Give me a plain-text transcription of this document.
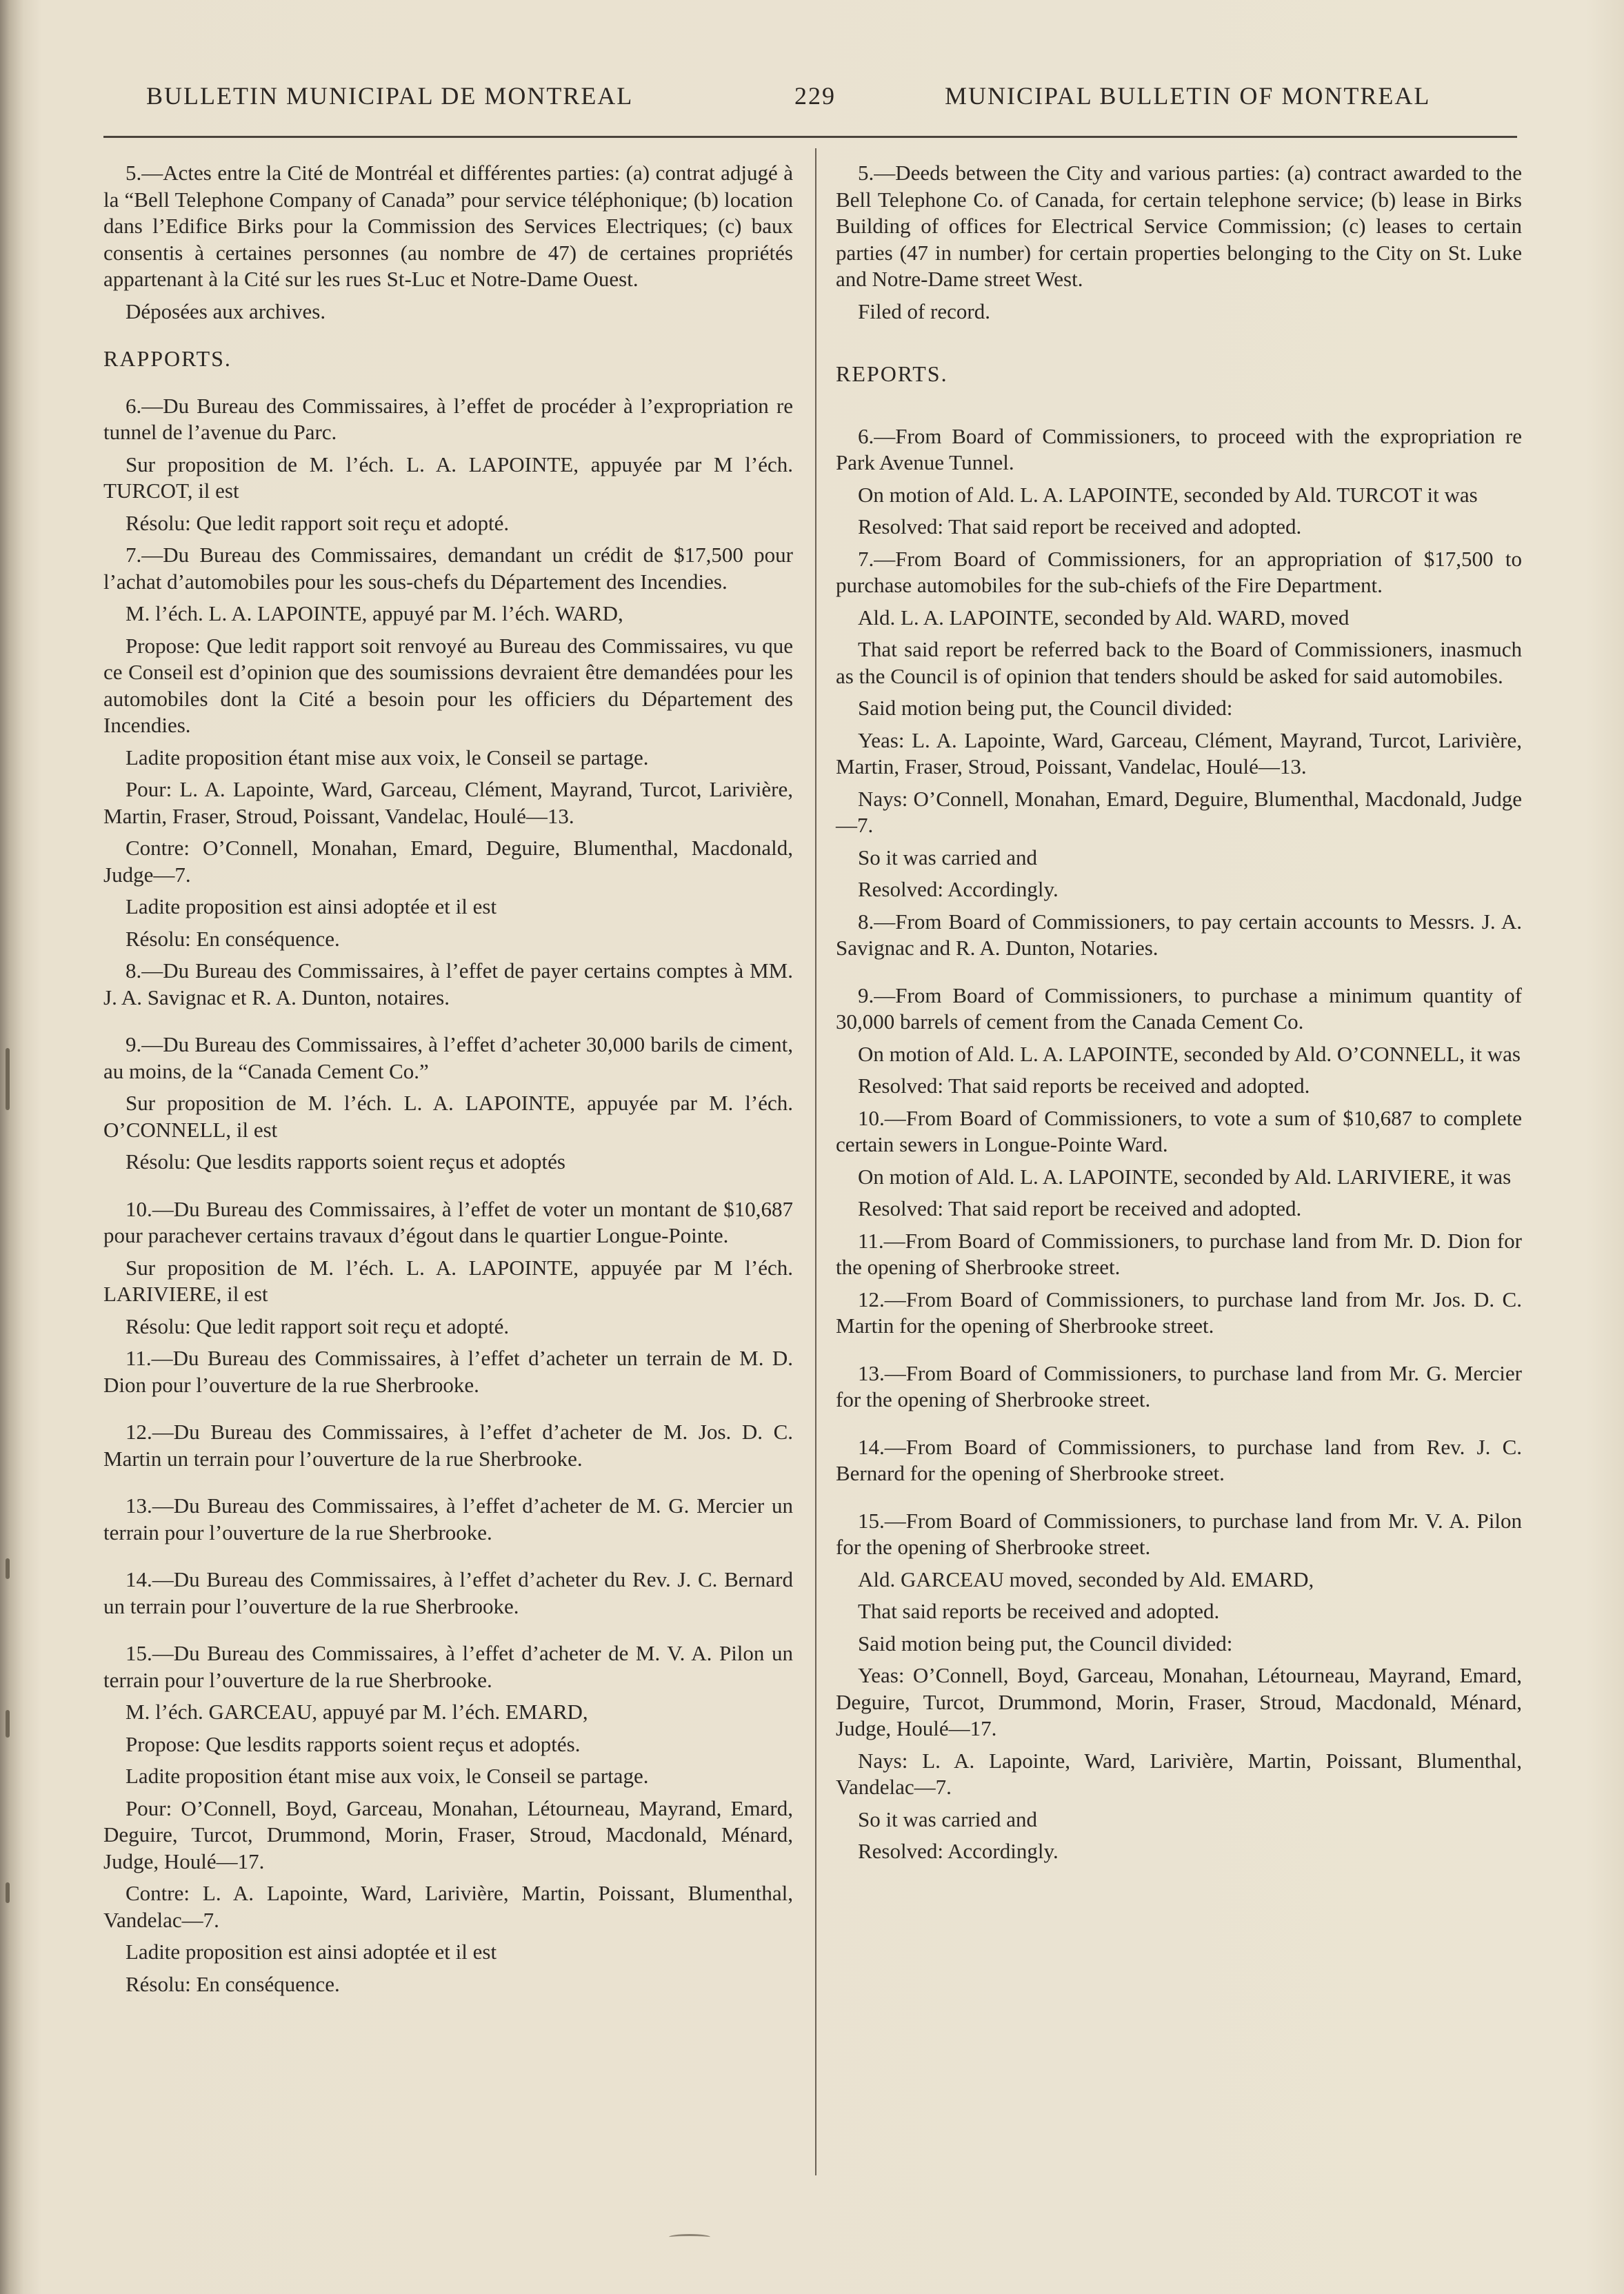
BULLETIN MUNICIPAL DE MONTREAL	229	MUNICIPAL BULLETIN OF MONTREAL

5.—Actes entre la Cité de Montréal et différentes parties: (a) contrat adjugé à la “Bell Telephone Company of Canada” pour service téléphonique; (b) location dans l’Edifice Birks pour la Commission des Services Electriques; (c) baux consentis à certaines personnes (au nombre de 47) de certaines propriétés appartenant à la Cité sur les rues St-Luc et Notre-Dame Ouest.

Déposées aux archives.

RAPPORTS.

6.—Du Bureau des Commissaires, à l’effet de procéder à l’expropriation re tunnel de l’avenue du Parc.

Sur proposition de M. l’éch. L. A. LAPOINTE, appuyée par M l’éch. TURCOT, il est

Résolu: Que ledit rapport soit reçu et adopté.

7.—Du Bureau des Commissaires, demandant un crédit de $17,500 pour l’achat d’automobiles pour les sous-chefs du Département des Incendies.

M. l’éch. L. A. LAPOINTE, appuyé par M. l’éch. WARD,

Propose: Que ledit rapport soit renvoyé au Bureau des Commissaires, vu que ce Conseil est d’opinion que des soumissions devraient être demandées pour les automobiles dont la Cité a besoin pour les officiers du Département des Incendies.

Ladite proposition étant mise aux voix, le Conseil se partage.

Pour: L. A. Lapointe, Ward, Garceau, Clément, Mayrand, Turcot, Larivière, Martin, Fraser, Stroud, Poissant, Vandelac, Houlé—13.

Contre: O’Connell, Monahan, Emard, Deguire, Blumenthal, Macdonald, Judge—7.

Ladite proposition est ainsi adoptée et il est

Résolu: En conséquence.

8.—Du Bureau des Commissaires, à l’effet de payer certains comptes à MM. J. A. Savignac et R. A. Dunton, notaires.

9.—Du Bureau des Commissaires, à l’effet d’acheter 30,000 barils de ciment, au moins, de la “Canada Cement Co.”

Sur proposition de M. l’éch. L. A. LAPOINTE, appuyée par M. l’éch. O’CONNELL, il est

Résolu: Que lesdits rapports soient reçus et adoptés

10.—Du Bureau des Commissaires, à l’effet de voter un montant de $10,687 pour parachever certains travaux d’égout dans le quartier Longue-Pointe.

Sur proposition de M. l’éch. L. A. LAPOINTE, appuyée par M l’éch. LARIVIERE, il est

Résolu: Que ledit rapport soit reçu et adopté.

11.—Du Bureau des Commissaires, à l’effet d’acheter un terrain de M. D. Dion pour l’ouverture de la rue Sherbrooke.

12.—Du Bureau des Commissaires, à l’effet d’acheter de M. Jos. D. C. Martin un terrain pour l’ouverture de la rue Sherbrooke.

13.—Du Bureau des Commissaires, à l’effet d’acheter de M. G. Mercier un terrain pour l’ouverture de la rue Sherbrooke.

14.—Du Bureau des Commissaires, à l’effet d’acheter du Rev. J. C. Bernard un terrain pour l’ouverture de la rue Sherbrooke.

15.—Du Bureau des Commissaires, à l’effet d’acheter de M. V. A. Pilon un terrain pour l’ouverture de la rue Sherbrooke.

M. l’éch. GARCEAU, appuyé par M. l’éch. EMARD,

Propose: Que lesdits rapports soient reçus et adoptés.

Ladite proposition étant mise aux voix, le Conseil se partage.

Pour: O’Connell, Boyd, Garceau, Monahan, Létourneau, Mayrand, Emard, Deguire, Turcot, Drummond, Morin, Fraser, Stroud, Macdonald, Ménard, Judge, Houlé—17.

Contre: L. A. Lapointe, Ward, Larivière, Martin, Poissant, Blumenthal, Vandelac—7.

Ladite proposition est ainsi adoptée et il est

Résolu: En conséquence.

5.—Deeds between the City and various parties: (a) contract awarded to the Bell Telephone Co. of Canada, for certain telephone service; (b) lease in Birks Building of offices for Electrical Service Commission; (c) leases to certain parties (47 in number) for certain properties belonging to the City on St. Luke and Notre-Dame street West.

Filed of record.

REPORTS.

6.—From Board of Commissioners, to proceed with the expropriation re Park Avenue Tunnel.

On motion of Ald. L. A. LAPOINTE, seconded by Ald. TURCOT it was

Resolved: That said report be received and adopted.

7.—From Board of Commissioners, for an appropriation of $17,500 to purchase automobiles for the sub-chiefs of the Fire Department.

Ald. L. A. LAPOINTE, seconded by Ald. WARD, moved

That said report be referred back to the Board of Commissioners, inasmuch as the Council is of opinion that tenders should be asked for said automobiles.

Said motion being put, the Council divided:

Yeas: L. A. Lapointe, Ward, Garceau, Clément, Mayrand, Turcot, Larivière, Martin, Fraser, Stroud, Poissant, Vandelac, Houlé—13.

Nays: O’Connell, Monahan, Emard, Deguire, Blumenthal, Macdonald, Judge—7.

So it was carried and

Resolved: Accordingly.

8.—From Board of Commissioners, to pay certain accounts to Messrs. J. A. Savignac and R. A. Dunton, Notaries.

9.—From Board of Commissioners, to purchase a minimum quantity of 30,000 barrels of cement from the Canada Cement Co.

On motion of Ald. L. A. LAPOINTE, seconded by Ald. O’CONNELL, it was

Resolved: That said reports be received and adopted.

10.—From Board of Commissioners, to vote a sum of $10,687 to complete certain sewers in Longue-Pointe Ward.

On motion of Ald. L. A. LAPOINTE, seconded by Ald. LARIVIERE, it was

Resolved: That said report be received and adopted.

11.—From Board of Commissioners, to purchase land from Mr. D. Dion for the opening of Sherbrooke street.

12.—From Board of Commissioners, to purchase land from Mr. Jos. D. C. Martin for the opening of Sherbrooke street.

13.—From Board of Commissioners, to purchase land from Mr. G. Mercier for the opening of Sherbrooke street.

14.—From Board of Commissioners, to purchase land from Rev. J. C. Bernard for the opening of Sherbrooke street.

15.—From Board of Commissioners, to purchase land from Mr. V. A. Pilon for the opening of Sherbrooke street.

Ald. GARCEAU moved, seconded by Ald. EMARD,

That said reports be received and adopted.

Said motion being put, the Council divided:

Yeas: O’Connell, Boyd, Garceau, Monahan, Létourneau, Mayrand, Emard, Deguire, Turcot, Drummond, Morin, Fraser, Stroud, Macdonald, Ménard, Judge, Houlé—17.

Nays: L. A. Lapointe, Ward, Larivière, Martin, Poissant, Blumenthal, Vandelac—7.

So it was carried and

Resolved: Accordingly.
